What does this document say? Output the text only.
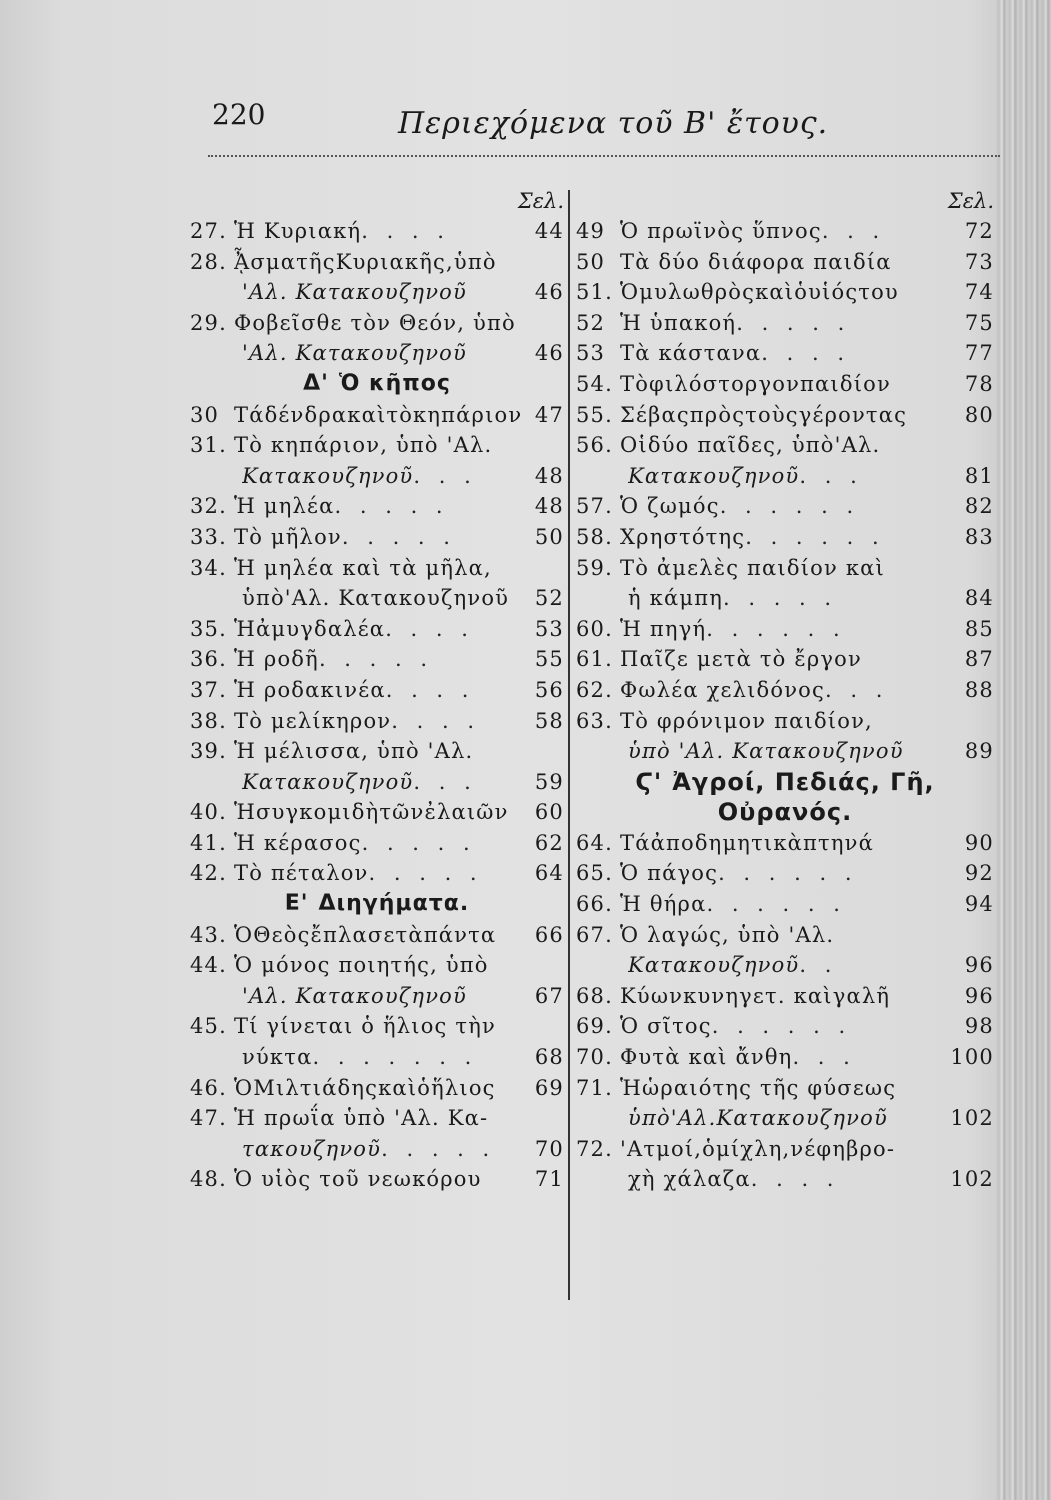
220	Περιεχόμενα τοῦ Β' ἔτους.
Σελ.
27. Ἡ Κυριακή . . . .	44
28. ᾎσματῆςΚυριακῆς,ὑπὸ
'Αλ. Κατακουζηνοῦ	46
29. Φοβεῖσθε τὸν Θεόν, ὑπὸ
'Αλ. Κατακουζηνοῦ	46
Δ' Ὁ κῆπος
30 Τάδένδρακαὶτὸκηπάριον 47
31. Τὸ κηπάριον, ὑπὸ 'Αλ.
Κατακουζηνοῦ . . .	48
32. Ἡ μηλέα . . . . .	48
33. Τὸ μῆλον . . . . .	50
34. Ἡ μηλέα καὶ τὰ μῆλα,
ὑπὸ'Αλ. Κατακουζηνοῦ 52
35. Ἡἀμυγδαλέα . . . .	53
36. Ἡ ροδῆ . . . . .	55
37. Ἡ ροδακινέα . . . .	56
38. Τὸ μελίκηρον . . . .	58
39. Ἡ μέλισσα, ὑπὸ 'Αλ.
Κατακουζηνοῦ . . .	59
40. Ἡσυγκομιδὴτῶνἐλαιῶν 60
41. Ἡ κέρασος . . . . .	62
42. Τὸ πέταλον . . . . .	64
Ε' Διηγήματα.
43. ὉΘεὸςἔπλασετὰπάντα 66
44. Ὁ μόνος ποιητής, ὑπὸ
'Αλ. Κατακουζηνοῦ	67
45. Τί γίνεται ὁ ἥλιος τὴν
νύκτα . . . . . . .	68
46. ὉΜιλτιάδηςκαὶὁἥλιος 69
47. Ἡ πρωΐα ὑπὸ 'Αλ. Κα-
τακουζηνοῦ . . . . .	70
48. Ὁ υἱὸς τοῦ νεωκόρου	71
Σελ.
49 Ὁ πρωϊνὸς ὕπνος . . .	72
50 Τὰ δύο διάφορα παιδία	73
51. Ὁμυλωθρὸςκαὶὁυἱόςτου	74
52 Ἡ ὑπακοή . . . . .	75
53 Τὰ κάστανα . . . .	77
54. Τὸφιλόστοργονπαιδίον	78
55. Σέβαςπρὸςτοὺςγέροντας	80
56. Οἱδύο παῖδες, ὑπὸ'Αλ.
Κατακουζηνοῦ . . .	81
57. Ὁ ζωμός . . . . . .	82
58. Χρηστότης . . . . . .	83
59. Τὸ ἀμελὲς παιδίον καὶ
ἡ κάμπη . . . . .	84
60. Ἡ πηγή . . . . . .	85
61. Παῖζε μετὰ τὸ ἔργον	87
62. Φωλέα χελιδόνος . . .	88
63. Τὸ φρόνιμον παιδίον,
ὑπὸ 'Αλ. Κατακουζηνοῦ	89
Ϛ' Ἀγροί, Πεδιάς, Γῆ,
Οὐρανός.
64. Τάἀποδημητικὰπτηνά	90
65. Ὁ πάγος . . . . . .	92
66. Ἡ θήρα . . . . . .	94
67. Ὁ λαγώς, ὑπὸ 'Αλ.
Κατακουζηνοῦ . .	96
68. Κύωνκυνηγετ. καὶγαλῆ	96
69. Ὁ σῖτος . . . . . .	98
70. Φυτὰ καὶ ἄνθη . . .	100
71. Ἡὡραιότης τῆς φύσεως
ὑπὸ'Αλ.Κατακουζηνοῦ	102
72. 'Ατμοί,ὁμίχλη,νέφηβρο-
χὴ χάλαζα . . . .	102
